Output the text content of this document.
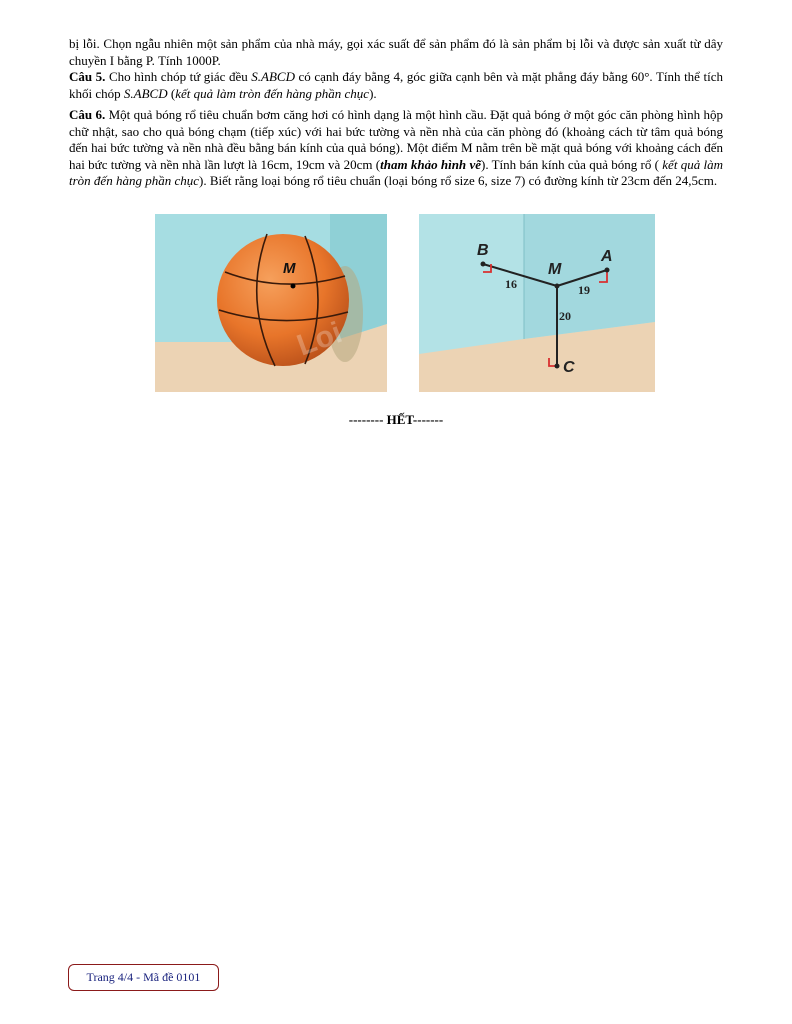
bị lỗi. Chọn ngẫu nhiên một sản phẩm của nhà máy, gọi xác suất để sản phẩm đó là sản phẩm bị lỗi và được sản xuất từ dây chuyền I bằng P. Tính 1000P.

Câu 5. Cho hình chóp tứ giác đều S.ABCD có cạnh đáy bằng 4, góc giữa cạnh bên và mặt phẳng đáy bằng 60°. Tính thể tích khối chóp S.ABCD (kết quả làm tròn đến hàng phần chục).

Câu 6. Một quả bóng rổ tiêu chuẩn bơm căng hơi có hình dạng là một hình cầu. Đặt quả bóng ở một góc căn phòng hình hộp chữ nhật, sao cho quả bóng chạm (tiếp xúc) với hai bức tường và nền nhà của căn phòng đó (khoảng cách từ tâm quả bóng đến hai bức tường và nền nhà đều bằng bán kính của quả bóng). Một điểm M nằm trên bề mặt quả bóng với khoảng cách đến hai bức tường và nền nhà lần lượt là 16cm, 19cm và 20cm (tham khảo hình vẽ). Tính bán kính của quả bóng rổ ( kết quả làm tròn đến hàng phần chục). Biết rằng loại bóng rổ tiêu chuẩn (loại bóng rổ size 6, size 7) có đường kính từ 23cm đến 24,5cm.

M
Loi
B	A
M
C
16	19
20
-------- HẾT-------
Trang 4/4 - Mã đề 0101
